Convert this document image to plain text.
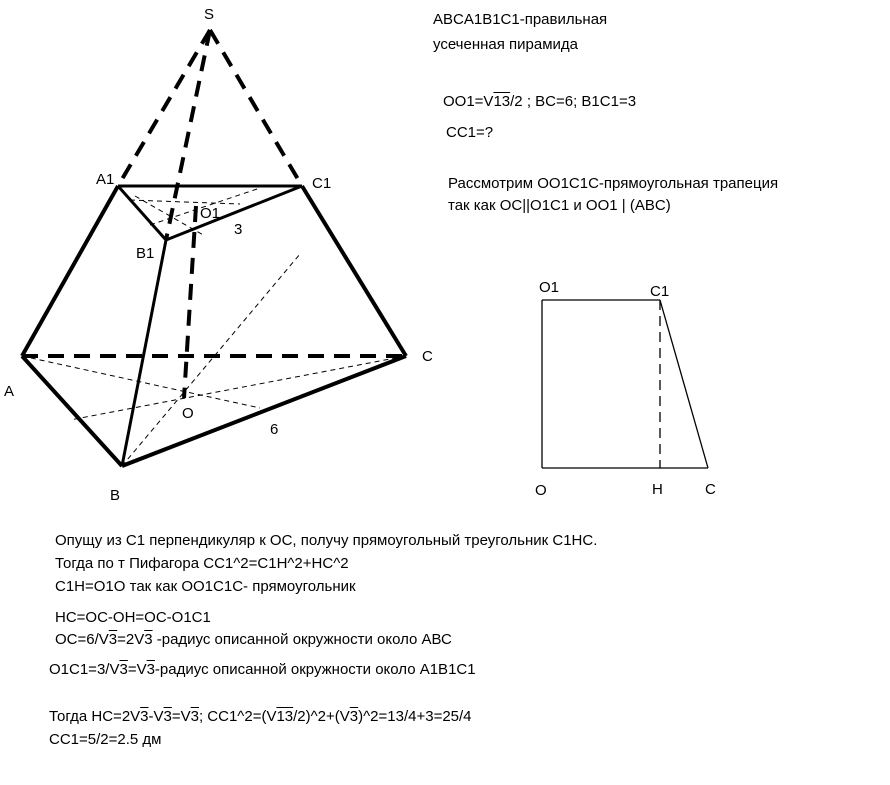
S
A1	C1
O1
B1
3
A
C
O
B
6
O1	C1
O	H	C
ABCA1B1C1-правильная
усеченная пирамида
OO1=V13/2 ; BC=6; B1C1=3
CC1=?
Рассмотрим OO1C1C-прямоугольная трапеция
так как OC||O1C1 и OO1 | (ABC)
Опущу из С1 перпендикуляр к ОС, получу прямоугольный треугольник С1НС.
Тогда по т Пифагора СС1^2=C1H^2+HC^2
С1Н=О1О так как ОО1С1С- прямоугольник
HC=OC-OH=OC-O1C1
OC=6/V3=2V3 -радиус описанной окружности около АВС
O1C1=3/V3=V3-радиус описанной окружности около А1В1С1
Тогда HC=2V3-V3=V3; CC1^2=(V13/2)^2+(V3)^2=13/4+3=25/4
CC1=5/2=2.5 дм
